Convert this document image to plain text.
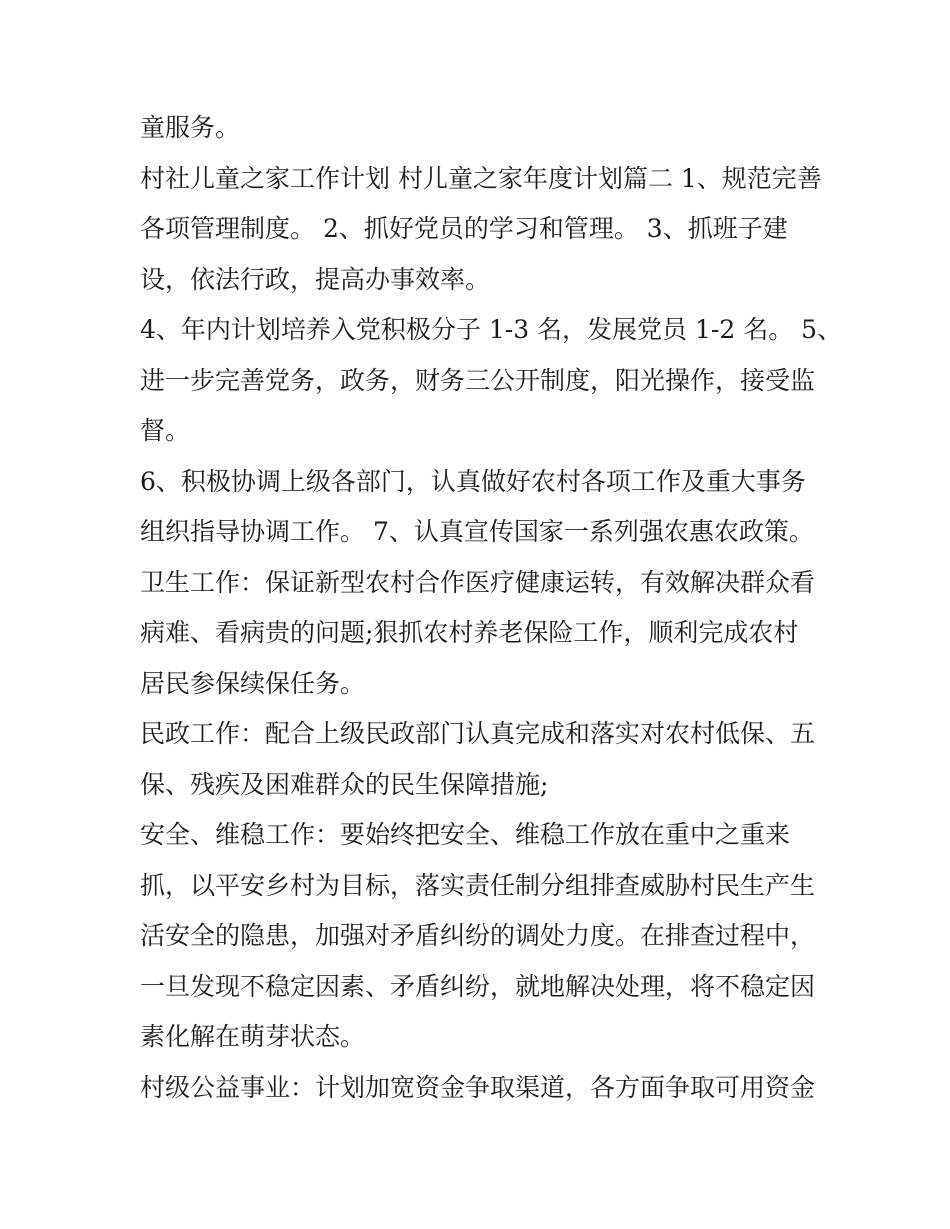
童服务。

村社儿童之家工作计划 村儿童之家年度计划篇二 1、规范完善
各项管理制度。 2、抓好党员的学习和管理。 3、抓班子建
设，依法行政，提高办事效率。

4、年内计划培养入党积极分子 1-3 名，发展党员 1-2 名。 5、
进一步完善党务，政务，财务三公开制度，阳光操作，接受监
督。

6、积极协调上级各部门，认真做好农村各项工作及重大事务
组织指导协调工作。 7、认真宣传国家一系列强农惠农政策。

卫生工作：保证新型农村合作医疗健康运转，有效解决群众看
病难、看病贵的问题;狠抓农村养老保险工作，顺利完成农村
居民参保续保任务。

民政工作：配合上级民政部门认真完成和落实对农村低保、五
保、残疾及困难群众的民生保障措施;

安全、维稳工作：要始终把安全、维稳工作放在重中之重来
抓，以平安乡村为目标，落实责任制分组排查威胁村民生产生
活安全的隐患，加强对矛盾纠纷的调处力度。在排查过程中，
一旦发现不稳定因素、矛盾纠纷，就地解决处理，将不稳定因
素化解在萌芽状态。

村级公益事业：计划加宽资金争取渠道，各方面争取可用资金
